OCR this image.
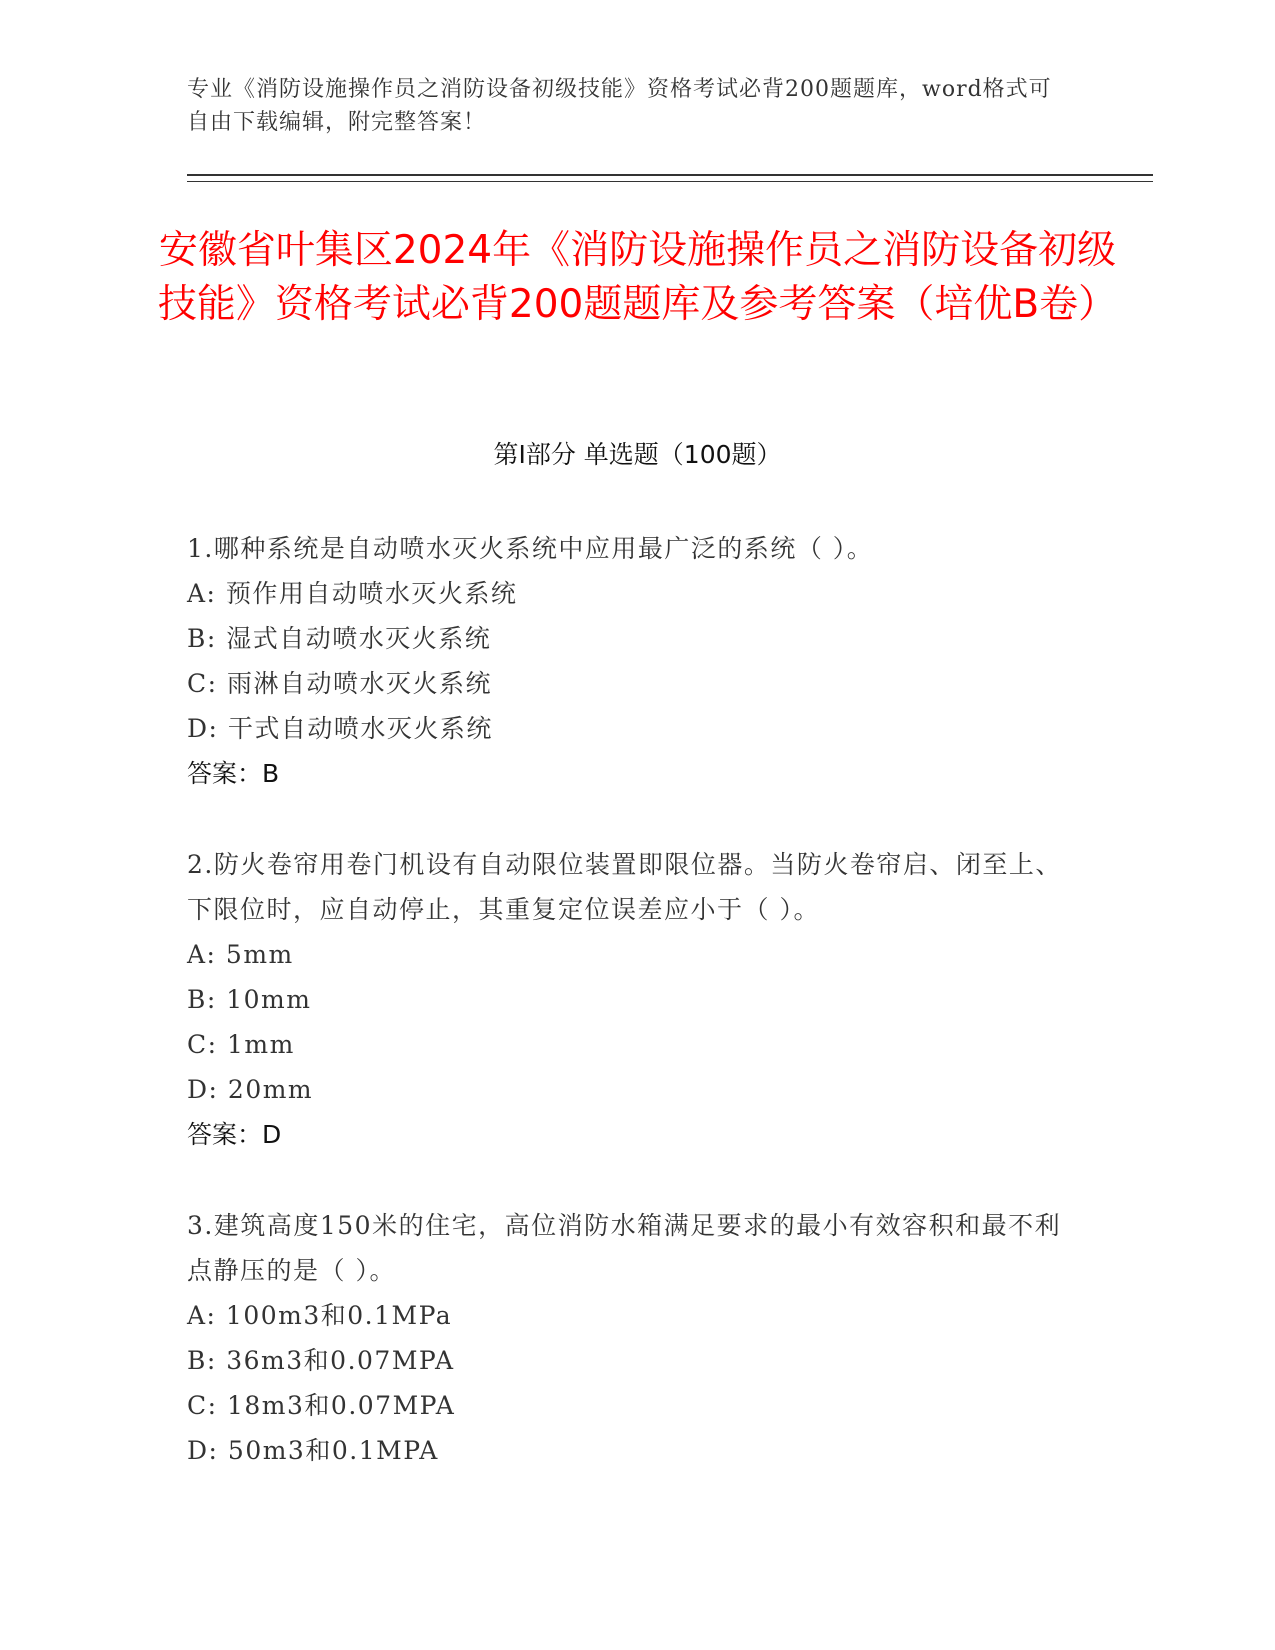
专业《消防设施操作员之消防设备初级技能》资格考试必背200题题库，word格式可自由下载编辑，附完整答案！
安徽省叶集区2024年《消防设施操作员之消防设备初级技能》资格考试必背200题题库及参考答案（培优B卷）
第I部分 单选题（100题）
1.哪种系统是自动喷水灭火系统中应用最广泛的系统（ ）。
A: 预作用自动喷水灭火系统
B: 湿式自动喷水灭火系统
C: 雨淋自动喷水灭火系统
D: 干式自动喷水灭火系统
答案：B
2.防火卷帘用卷门机设有自动限位装置即限位器。当防火卷帘启、闭至上、下限位时，应自动停止，其重复定位误差应小于（ ）。
A: 5mm
B: 10mm
C: 1mm
D: 20mm
答案：D
3.建筑高度150米的住宅，高位消防水箱满足要求的最小有效容积和最不利点静压的是（ ）。
A: 100m3和0.1MPa
B: 36m3和0.07MPA
C: 18m3和0.07MPA
D: 50m3和0.1MPA
